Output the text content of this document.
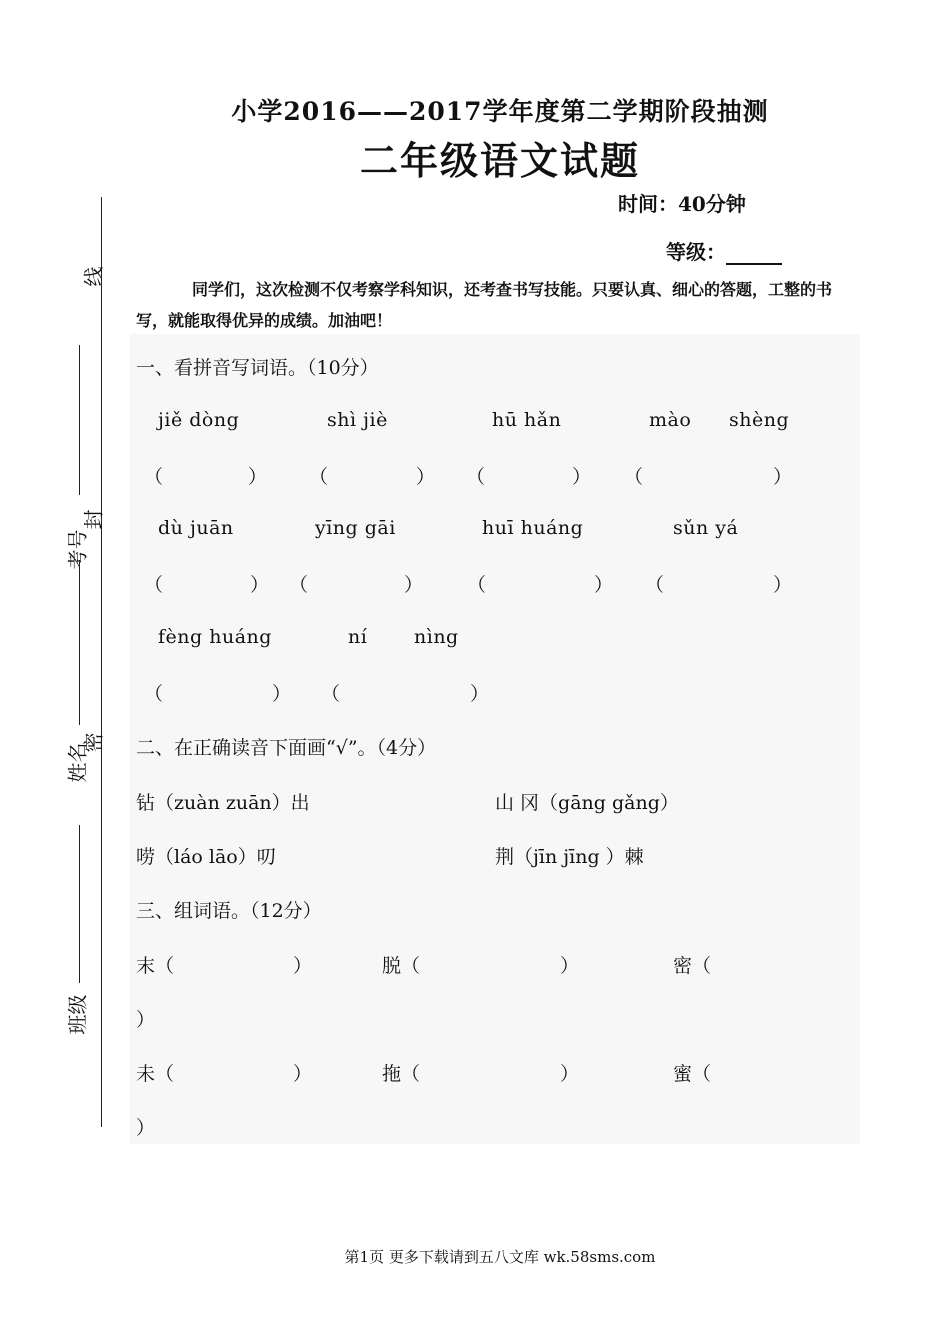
线
封
密
考号
姓名
班级
小学2016——2017学年度第二学期阶段抽测
二年级语文试题
时间：40分钟
等级：
同学们，这次检测不仅考察学科知识，还考查书写技能。只要认真、细心的答题，工整的书写，就能取得优异的成绩。加油吧！
一、看拼音写词语。（10分）
jiě dòng	shì jiè	hū hǎn	mào shèng
（	） （	） （	） （	）
dù juān	yīng gāi	huī huáng	sǔn yá
（	） （	） （	） （	）
fèng huáng	ní nìng
（	） （	）
二、在正确读音下面画“√”。（4分）
钻（zuàn zuān）出	山 冈（gāng gǎng）
唠（láo lāo）叨	荆（jīn jīng ）棘
三、组词语。（12分）
末（	）	脱（	）	密（
）
未（	）	拖（	）	蜜（
）
第1页 更多下载请到五八文库 wk.58sms.com
